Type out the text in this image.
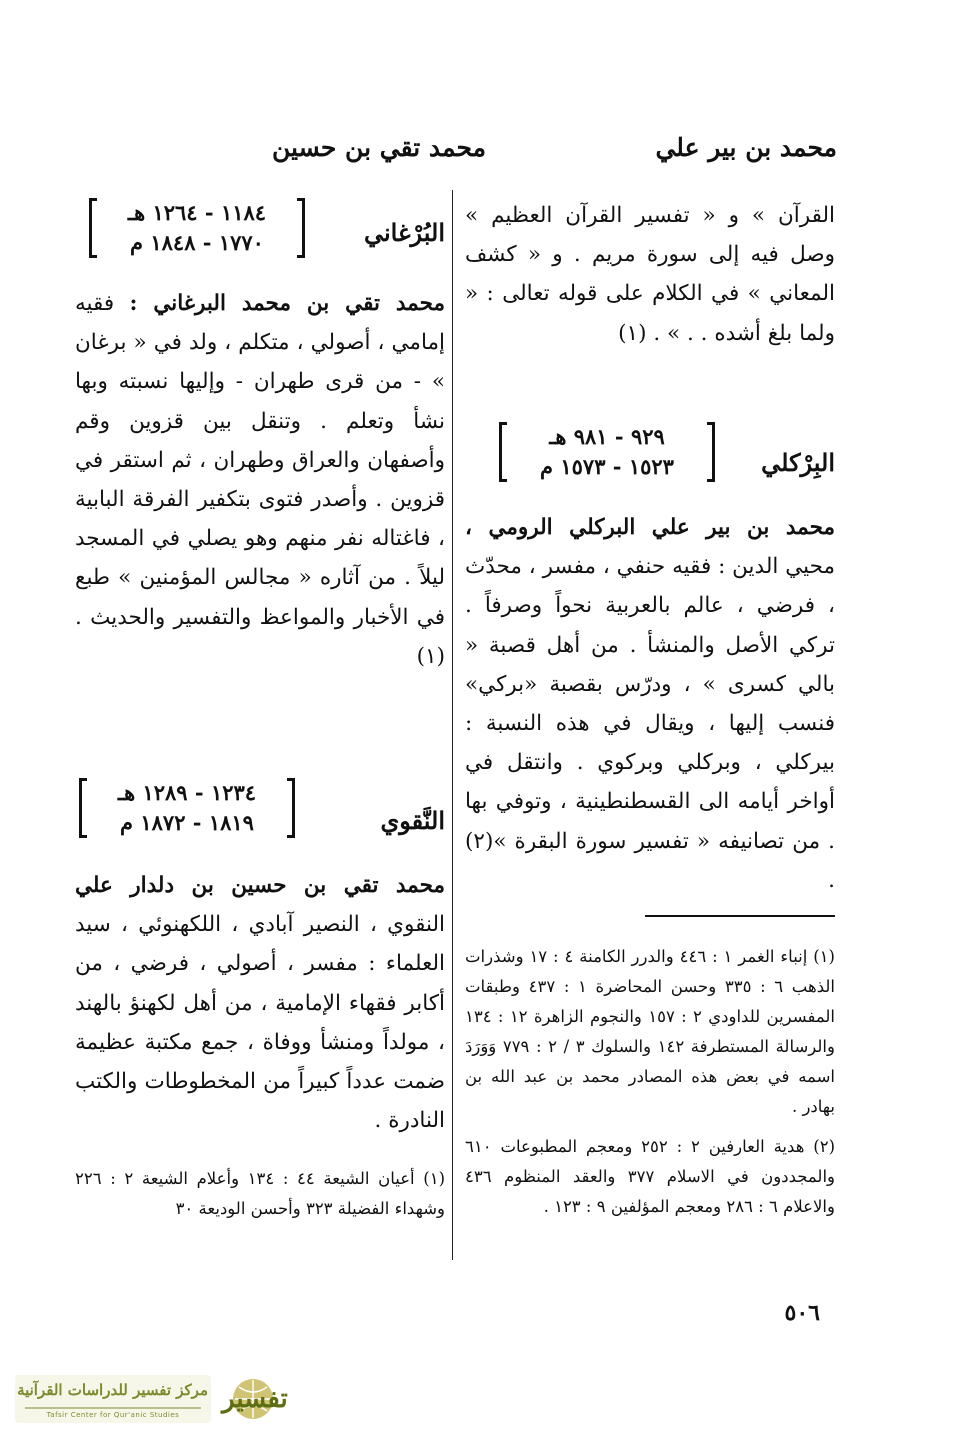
محمد بن بير علي
محمد تقي بن حسين

القرآن » و « تفسير القرآن العظيم » وصل فيه إلى سورة مريم . و « كشف المعاني » في الكلام على قوله تعالى : « ولما بلغ أشده . . » . (١)

البِرْكلي
٩٢٩ - ٩٨١ هـ
١٥٢٣ - ١٥٧٣ م

محمد بن بير علي البركلي الرومي ، محيي الدين : فقيه حنفي ، مفسر ، محدّث ، فرضي ، عالم بالعربية نحواً وصرفاً . تركي الأصل والمنشأ . من أهل قصبة « بالي كسرى » ، ودرّس بقصبة «بركي» فنسب إليها ، ويقال في هذه النسبة : بيركلي ، وبركلي وبركوي . وانتقل في أواخر أيامه الى القسطنطينية ، وتوفي بها . من تصانيفه « تفسير سورة البقرة »(٢) .

(١) إنباء الغمر ١ : ٤٤٦ والدرر الكامنة ٤ : ١٧ وشذرات الذهب ٦ : ٣٣٥ وحسن المحاضرة ١ : ٤٣٧ وطبقات المفسرين للداودي ٢ : ١٥٧ والنجوم الزاهرة ١٢ : ١٣٤ والرسالة المستطرفة ١٤٢ والسلوك ٣ / ٢ : ٧٧٩ وَوَرَدَ اسمه في بعض هذه المصادر محمد بن عبد الله بن بهادر .

(٢) هدية العارفين ٢ : ٢٥٢ ومعجم المطبوعات ٦١٠ والمجددون في الاسلام ٣٧٧ والعقد المنظوم ٤٣٦ والاعلام ٦ : ٢٨٦ ومعجم المؤلفين ٩ : ١٢٣ .

البُرْغاني
١١٨٤ - ١٢٦٤ هـ
١٧٧٠ - ١٨٤٨ م

محمد تقي بن محمد البرغاني : فقيه إمامي ، أصولي ، متكلم ، ولد في « برغان » - من قرى طهران - وإليها نسبته وبها نشأ وتعلم . وتنقل بين قزوين وقم وأصفهان والعراق وطهران ، ثم استقر في قزوين . وأصدر فتوى بتكفير الفرقة البابية ، فاغتاله نفر منهم وهو يصلي في المسجد ليلاً . من آثاره « مجالس المؤمنين » طبع في الأخبار والمواعظ والتفسير والحديث . (١)

النَّقوي
١٢٣٤ - ١٢٨٩ هـ
١٨١٩ - ١٨٧٢ م

محمد تقي بن حسين بن دلدار علي النقوي ، النصير آبادي ، اللكهنوئي ، سيد العلماء : مفسر ، أصولي ، فرضي ، من أكابر فقهاء الإمامية ، من أهل لكهنؤ بالهند ، مولداً ومنشأ ووفاة ، جمع مكتبة عظيمة ضمت عدداً كبيراً من المخطوطات والكتب النادرة .

(١) أعيان الشيعة ٤٤ : ١٣٤ وأعلام الشيعة ٢ : ٢٢٦ وشهداء الفضيلة ٣٢٣ وأحسن الوديعة ٣٠

٥٠٦
مركز تفسير للدراسات القرآنية
Tafsir Center for Qur'anic Studies
تفسير
